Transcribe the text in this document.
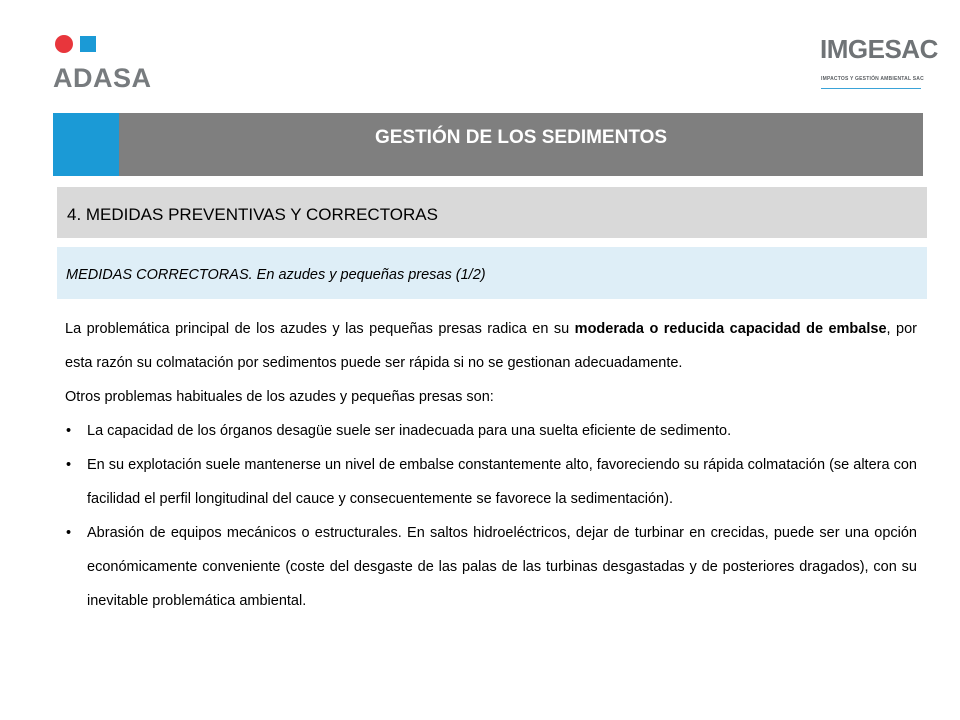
ADASA
IMGESAC
IMPACTOS Y GESTIÓN AMBIENTAL SAC
GESTIÓN DE LOS SEDIMENTOS
4. MEDIDAS PREVENTIVAS Y CORRECTORAS
MEDIDAS CORRECTORAS. En azudes y pequeñas presas (1/2)

La problemática principal de los azudes y las pequeñas presas radica en su moderada o reducida capacidad de embalse, por esta razón su colmatación por sedimentos puede ser rápida si no se gestionan adecuadamente.

Otros problemas habituales de los azudes y pequeñas presas son:

• La capacidad de los órganos desagüe suele ser inadecuada para una suelta eficiente de sedimento.
• En su explotación suele mantenerse un nivel de embalse constantemente alto, favoreciendo su rápida colmatación (se altera con facilidad el perfil longitudinal del cauce y consecuentemente se favorece la sedimentación).
• Abrasión de equipos mecánicos o estructurales. En saltos hidroeléctricos, dejar de turbinar en crecidas, puede ser una opción económicamente conveniente (coste del desgaste de las palas de las turbinas desgastadas y de posteriores dragados), con su inevitable problemática ambiental.
